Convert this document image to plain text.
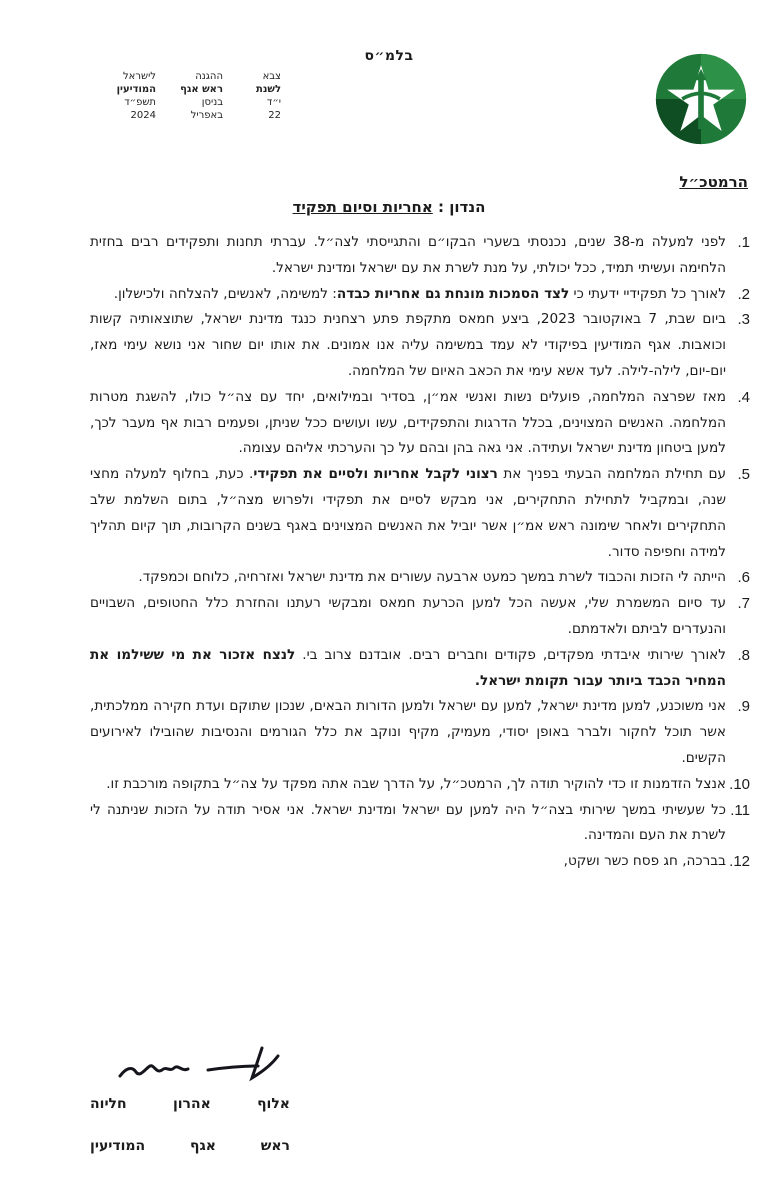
בלמ״ס
צבא
ההגנה
לישראל
לשנת
ראש אגף
המודיעין
י״ד
בניסן
תשפ״ד
22
באפריל
2024
הרמטכ״ל
הנדון : אחריות וסיום תפקיד
1.
לפני למעלה מ-38 שנים, נכנסתי בשערי הבקו״ם והתגייסתי לצה״ל. עברתי תחנות ותפקידים רבים בחזית הלחימה ועשיתי תמיד, ככל יכולתי, על מנת לשרת את עם ישראל ומדינת ישראל.
2.
לאורך כל תפקידיי ידעתי כי לצד הסמכות מונחת גם אחריות כבדה: למשימה, לאנשים, להצלחה ולכישלון.
3.
ביום שבת, 7 באוקטובר 2023, ביצע חמאס מתקפת פתע רצחנית כנגד מדינת ישראל, שתוצאותיה קשות וכואבות. אגף המודיעין בפיקודי לא עמד במשימה עליה אנו אמונים. את אותו יום שחור אני נושא עימי מאז, יום-יום, לילה-לילה. לעד אשא עימי את הכאב האיום של המלחמה.
4.
מאז שפרצה המלחמה, פועלים נשות ואנשי אמ״ן, בסדיר ובמילואים, יחד עם צה״ל כולו, להשגת מטרות המלחמה. האנשים המצוינים, בכלל הדרגות והתפקידים, עשו ועושים ככל שניתן, ופעמים רבות אף מעבר לכך, למען ביטחון מדינת ישראל ועתידה. אני גאה בהן ובהם על כך והערכתי אליהם עצומה.
5.
עם תחילת המלחמה הבעתי בפניך את רצוני לקבל אחריות ולסיים את תפקידי. כעת, בחלוף למעלה מחצי שנה, ובמקביל לתחילת התחקירים, אני מבקש לסיים את תפקידי ולפרוש מצה״ל, בתום השלמת שלב התחקירים ולאחר שימונה ראש אמ״ן אשר יוביל את האנשים המצוינים באגף בשנים הקרובות, תוך קיום תהליך למידה וחפיפה סדור.
6.
הייתה לי הזכות והכבוד לשרת במשך כמעט ארבעה עשורים את מדינת ישראל ואזרחיה, כלוחם וכמפקד.
7.
עד סיום המשמרת שלי, אעשה הכל למען הכרעת חמאס ומבקשי רעתנו והחזרת כלל החטופים, השבויים והנעדרים לביתם ולאדמתם.
8.
לאורך שירותי איבדתי מפקדים, פקודים וחברים רבים. אובדנם צרוב בי. לנצח אזכור את מי ששילמו את המחיר הכבד ביותר עבור תקומת ישראל.
9.
אני משוכנע, למען מדינת ישראל, למען עם ישראל ולמען הדורות הבאים, שנכון שתוקם ועדת חקירה ממלכתית, אשר תוכל לחקור ולברר באופן יסודי, מעמיק, מקיף ונוקב את כלל הגורמים והנסיבות שהובילו לאירועים הקשים.
10.
אנצל הזדמנות זו כדי להוקיר תודה לך, הרמטכ״ל, על הדרך שבה אתה מפקד על צה״ל בתקופה מורכבת זו.
11.
כל שעשיתי במשך שירותי בצה״ל היה למען עם ישראל ומדינת ישראל. אני אסיר תודה על הזכות שניתנה לי לשרת את העם והמדינה.
12.
בברכה, חג פסח כשר ושקט,
אלוף
אהרון
חליוה
ראש
אגף
המודיעין
